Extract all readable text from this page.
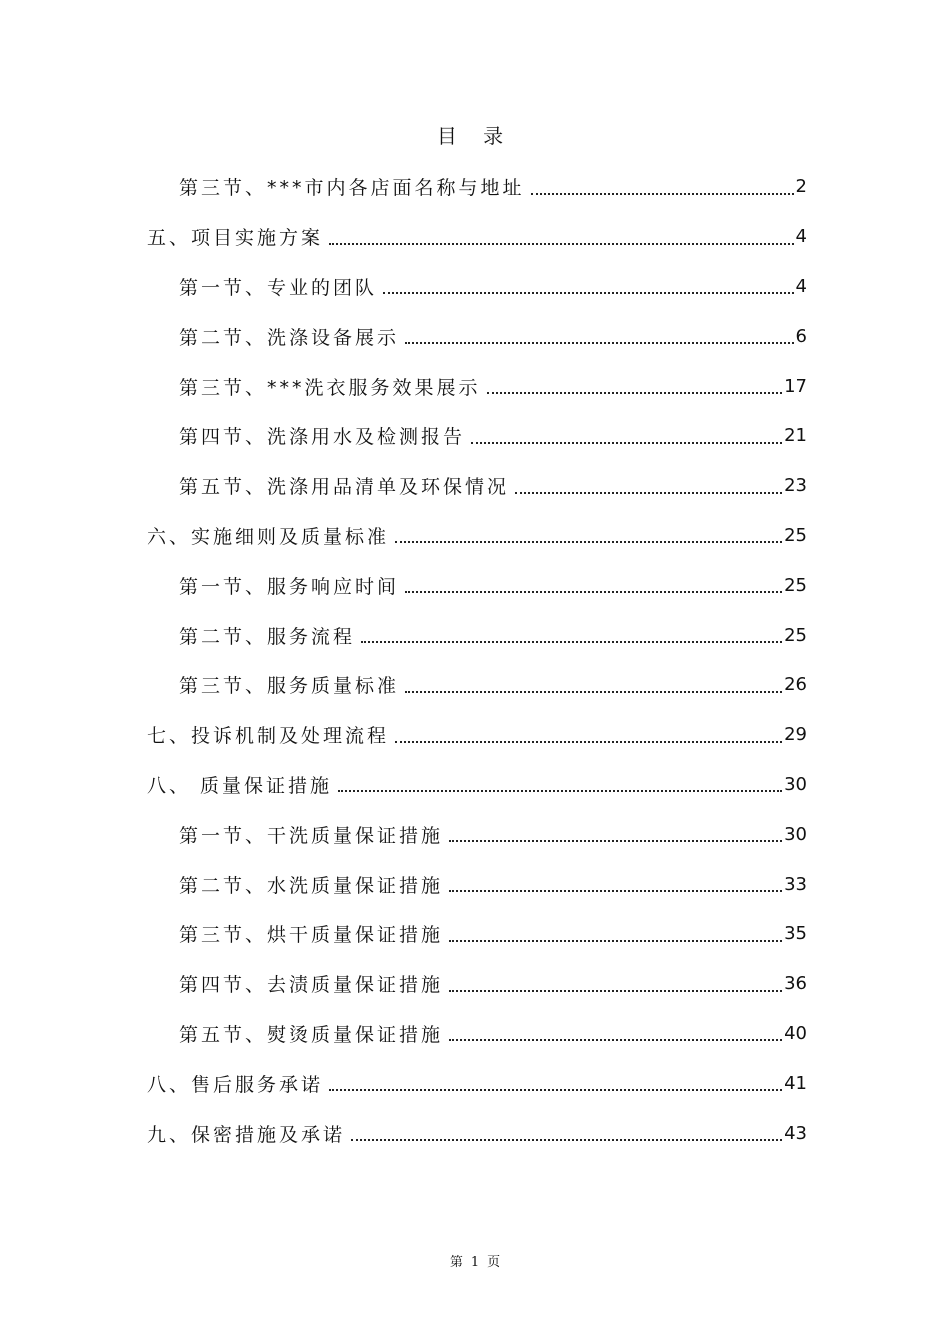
目 录
第三节、***市内各店面名称与地址	2
五、项目实施方案	4
第一节、专业的团队	4
第二节、洗涤设备展示	6
第三节、***洗衣服务效果展示	17
第四节、洗涤用水及检测报告	21
第五节、洗涤用品清单及环保情况	23
六、实施细则及质量标准	25
第一节、服务响应时间	25
第二节、服务流程	25
第三节、服务质量标准	26
七、投诉机制及处理流程	29
八、 质量保证措施	30
第一节、干洗质量保证措施	30
第二节、水洗质量保证措施	33
第三节、烘干质量保证措施	35
第四节、去渍质量保证措施	36
第五节、熨烫质量保证措施	40
八、售后服务承诺	41
九、保密措施及承诺	43
第 1 页
